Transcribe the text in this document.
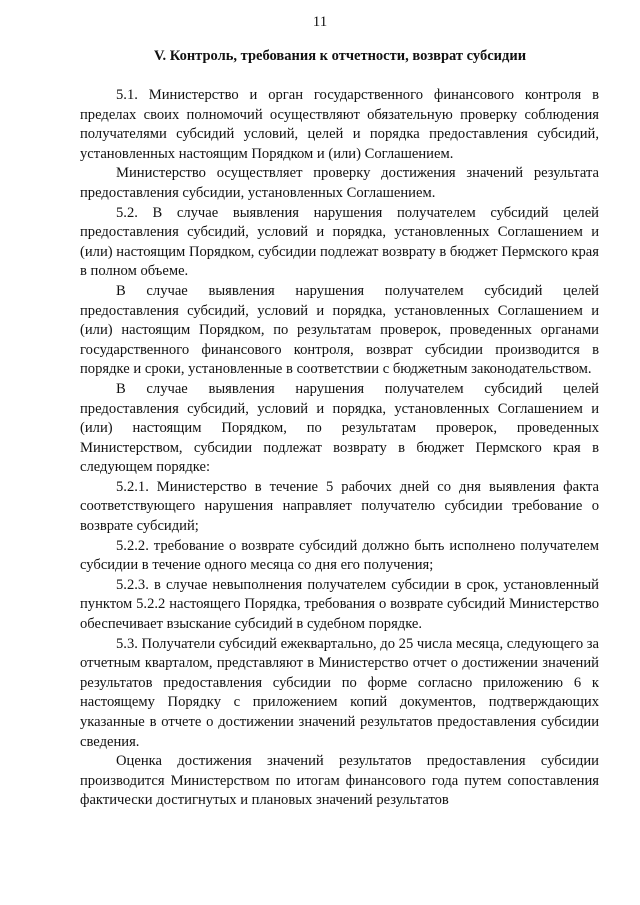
11
V. Контроль, требования к отчетности, возврат субсидии

5.1. Министерство и орган государственного финансового контроля в пределах своих полномочий осуществляют обязательную проверку соблюдения получателями субсидий условий, целей и порядка предоставления субсидий, установленных настоящим Порядком и (или) Соглашением.

Министерство осуществляет проверку достижения значений результата предоставления субсидии, установленных Соглашением.

5.2. В случае выявления нарушения получателем субсидий целей предоставления субсидий, условий и порядка, установленных Соглашением и (или) настоящим Порядком, субсидии подлежат возврату в бюджет Пермского края в полном объеме.

В случае выявления нарушения получателем субсидий целей предоставления субсидий, условий и порядка, установленных Соглашением и (или) настоящим Порядком, по результатам проверок, проведенных органами государственного финансового контроля, возврат субсидии производится в порядке и сроки, установленные в соответствии с бюджетным законодательством.

В случае выявления нарушения получателем субсидий целей предоставления субсидий, условий и порядка, установленных Соглашением и (или) настоящим Порядком, по результатам проверок, проведенных Министерством, субсидии подлежат возврату в бюджет Пермского края в следующем порядке:

5.2.1. Министерство в течение 5 рабочих дней со дня выявления факта соответствующего нарушения направляет получателю субсидии требование о возврате субсидий;

5.2.2. требование о возврате субсидий должно быть исполнено получателем субсидии в течение одного месяца со дня его получения;

5.2.3. в случае невыполнения получателем субсидии в срок, установленный пунктом 5.2.2 настоящего Порядка, требования о возврате субсидий Министерство обеспечивает взыскание субсидий в судебном порядке.

5.3. Получатели субсидий ежеквартально, до 25 числа месяца, следующего за отчетным кварталом, представляют в Министерство отчет о достижении значений результатов предоставления субсидии по форме согласно приложению 6 к настоящему Порядку с приложением копий документов, подтверждающих указанные в отчете о достижении значений результатов предоставления субсидии сведения.

Оценка достижения значений результатов предоставления субсидии производится Министерством по итогам финансового года путем сопоставления фактически достигнутых и плановых значений результатов
